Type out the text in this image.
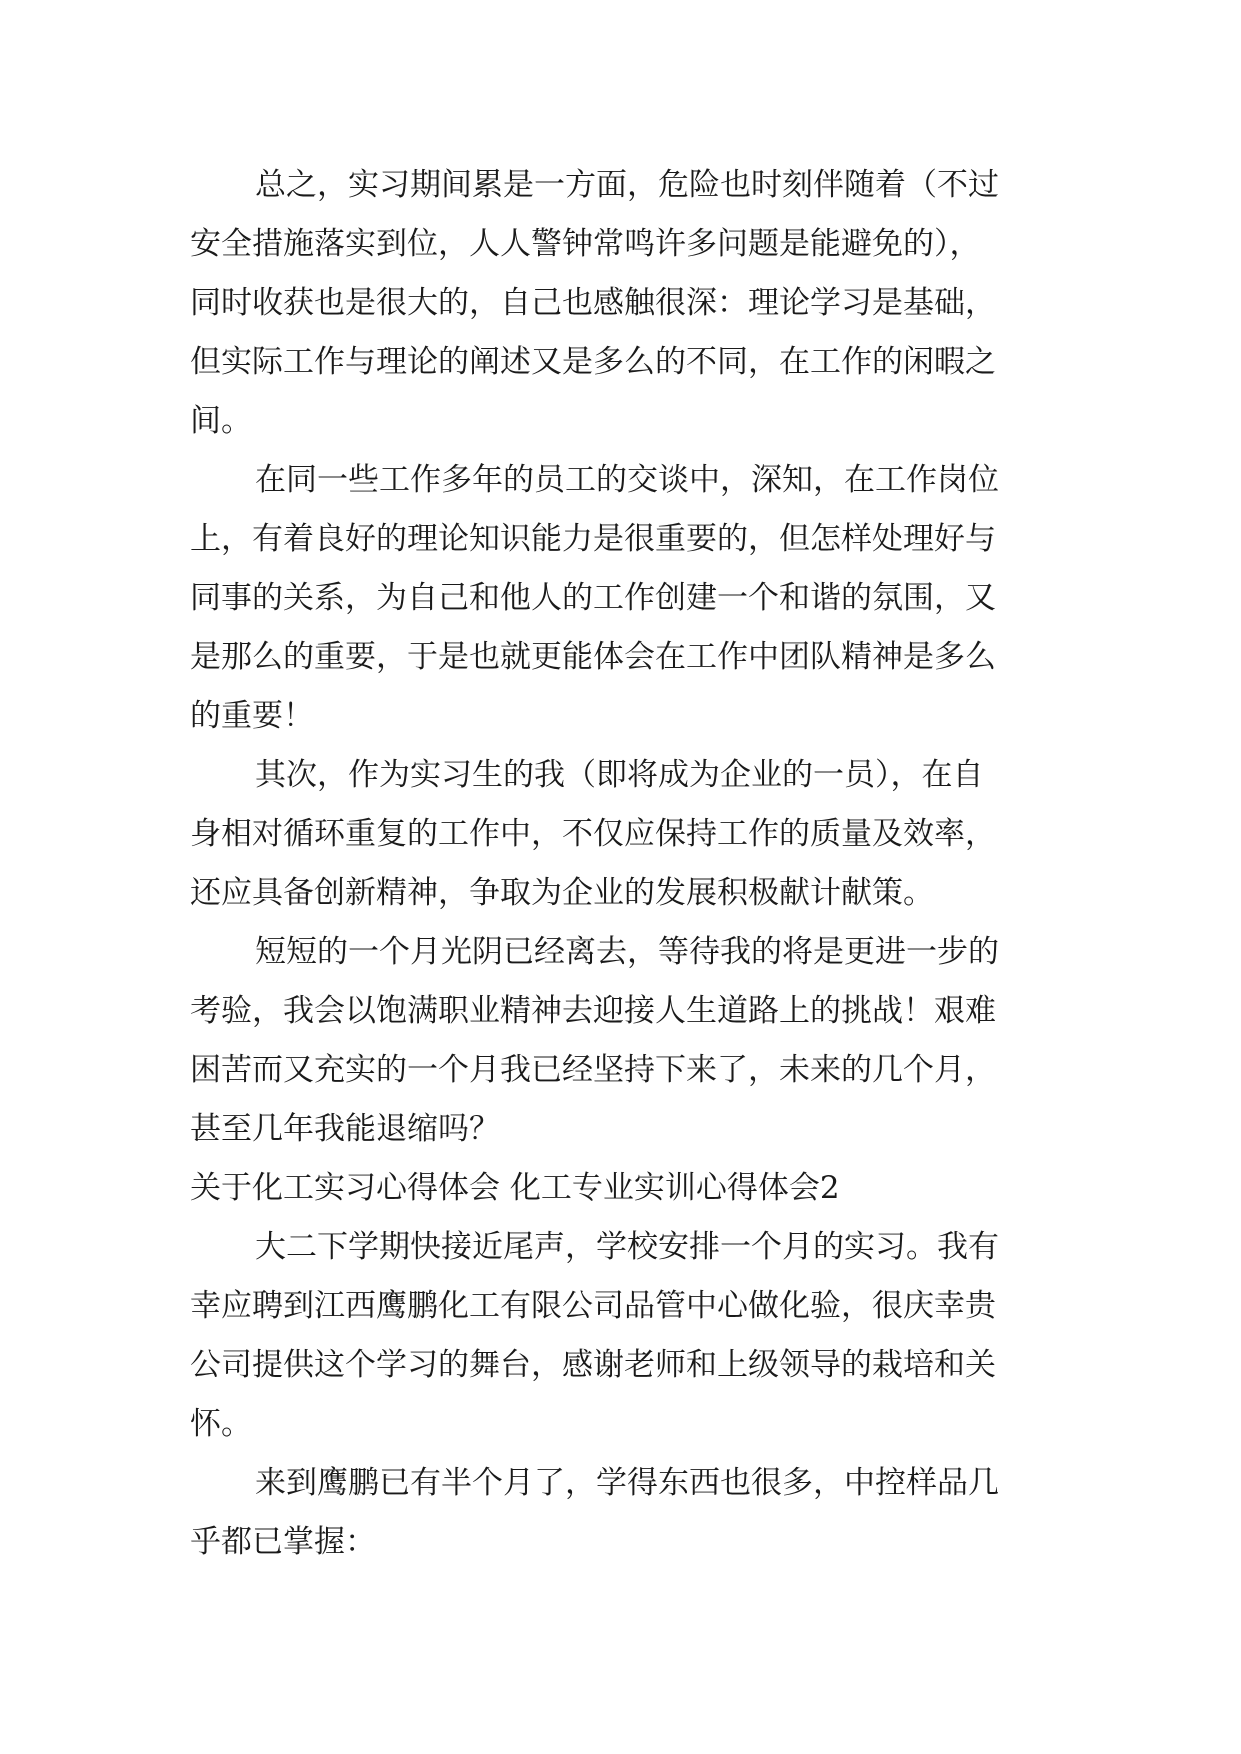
总之，实习期间累是一方面，危险也时刻伴随着（不过

安全措施落实到位，人人警钟常鸣许多问题是能避免的），

同时收获也是很大的，自己也感触很深：理论学习是基础，

但实际工作与理论的阐述又是多么的不同，在工作的闲暇之

间。

在同一些工作多年的员工的交谈中，深知，在工作岗位

上，有着良好的理论知识能力是很重要的，但怎样处理好与

同事的关系，为自己和他人的工作创建一个和谐的氛围，又

是那么的重要，于是也就更能体会在工作中团队精神是多么

的重要！

其次，作为实习生的我（即将成为企业的一员），在自

身相对循环重复的工作中，不仅应保持工作的质量及效率，

还应具备创新精神，争取为企业的发展积极献计献策。

短短的一个月光阴已经离去，等待我的将是更进一步的

考验，我会以饱满职业精神去迎接人生道路上的挑战！艰难

困苦而又充实的一个月我已经坚持下来了，未来的几个月，

甚至几年我能退缩吗？

关于化工实习心得体会 化工专业实训心得体会2

大二下学期快接近尾声，学校安排一个月的实习。我有

幸应聘到江西鹰鹏化工有限公司品管中心做化验，很庆幸贵

公司提供这个学习的舞台，感谢老师和上级领导的栽培和关

怀。

来到鹰鹏已有半个月了，学得东西也很多，中控样品几

乎都已掌握：
